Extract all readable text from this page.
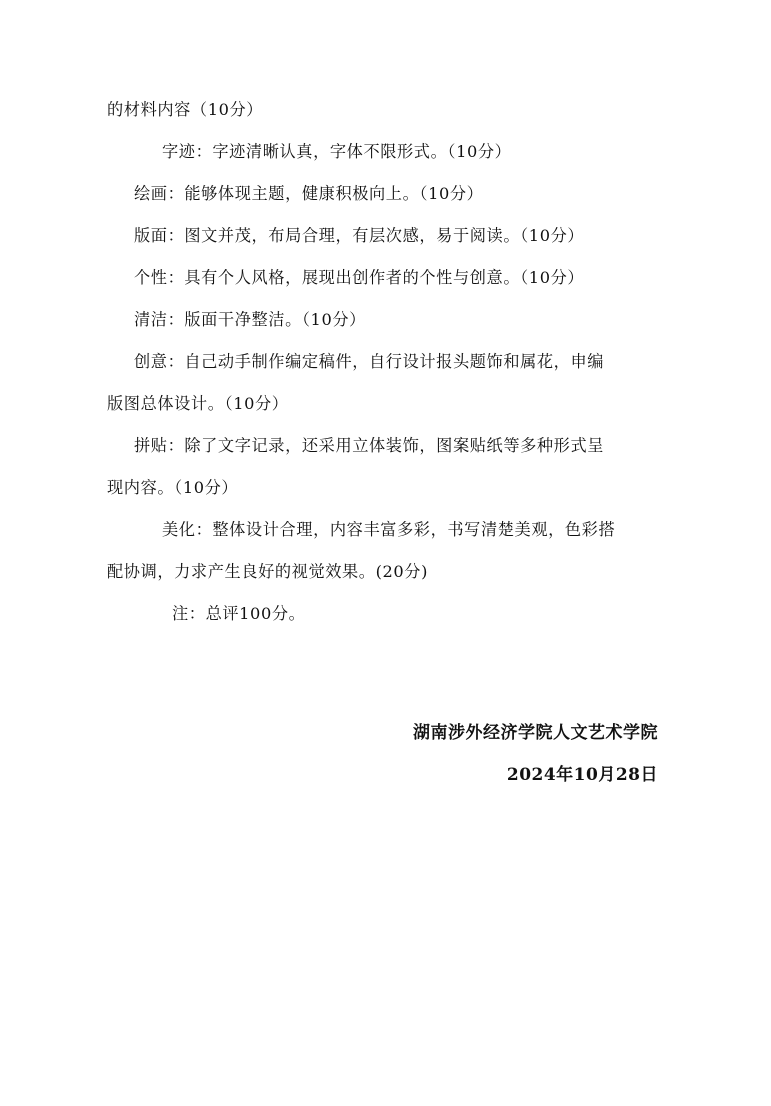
的材料内容（10分）
字迹：字迹清晰认真，字体不限形式。（10分）
绘画：能够体现主题，健康积极向上。（10分）
版面：图文并茂，布局合理，有层次感，易于阅读。（10分）
个性：具有个人风格，展现出创作者的个性与创意。（10分）
清洁：版面干净整洁。（10分）
创意：自己动手制作编定稿件，自行设计报头题饰和属花，申编
版图总体设计。（10分）
拼贴：除了文字记录，还采用立体装饰，图案贴纸等多种形式呈
现内容。（10分）
美化：整体设计合理，内容丰富多彩，书写清楚美观，色彩搭
配协调，力求产生良好的视觉效果。(20分)
注：总评100分。
湖南涉外经济学院人文艺术学院
2024年10月28日
